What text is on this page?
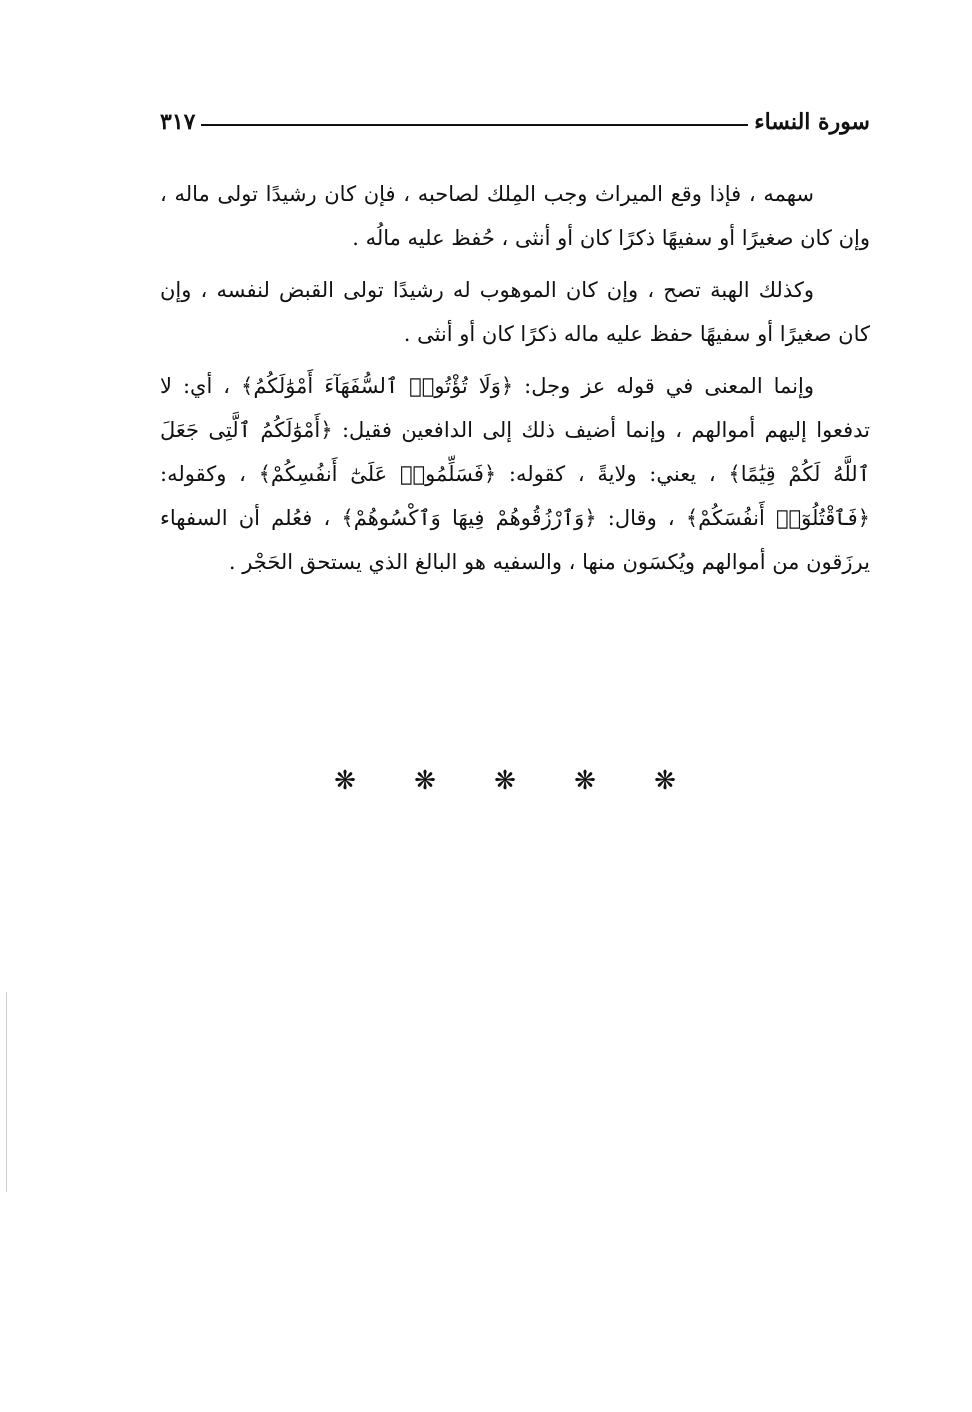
سورة النساء
٣١٧

سهمه ، فإذا وقع الميراث وجب المِلك لصاحبه ، فإن كان رشيدًا تولى ماله ، وإن كان صغيرًا أو سفيهًا ذكرًا كان أو أنثى ، حُفظ عليه مالُه .

وكذلك الهبة تصح ، وإن كان الموهوب له رشيدًا تولى القبض لنفسه ، وإن كان صغيرًا أو سفيهًا حفظ عليه ماله ذكرًا كان أو أنثى .

وإنما المعنى في قوله عز وجل: ﴿وَلَا تُؤْتُوا۟ ٱلسُّفَهَآءَ أَمْوَٰلَكُمُ﴾ ، أي: لا تدفعوا إليهم أموالهم ، وإنما أضيف ذلك إلى الدافعين فقيل: ﴿أَمْوَٰلَكُمُ ٱلَّتِى جَعَلَ ٱللَّهُ لَكُمْ قِيَٰمًا﴾ ، يعني: ولايةً ، كقوله: ﴿فَسَلِّمُوا۟ عَلَىٰٓ أَنفُسِكُمْ﴾ ، وكقوله: ﴿فَٱقْتُلُوٓا۟ أَنفُسَكُمْ﴾ ، وقال: ﴿وَٱرْزُقُوهُمْ فِيهَا وَٱكْسُوهُمْ﴾ ، فعُلم أن السفهاء يرزَقون من أموالهم ويُكسَون منها ، والسفيه هو البالغ الذي يستحق الحَجْر .

❋ ❋ ❋ ❋ ❋
